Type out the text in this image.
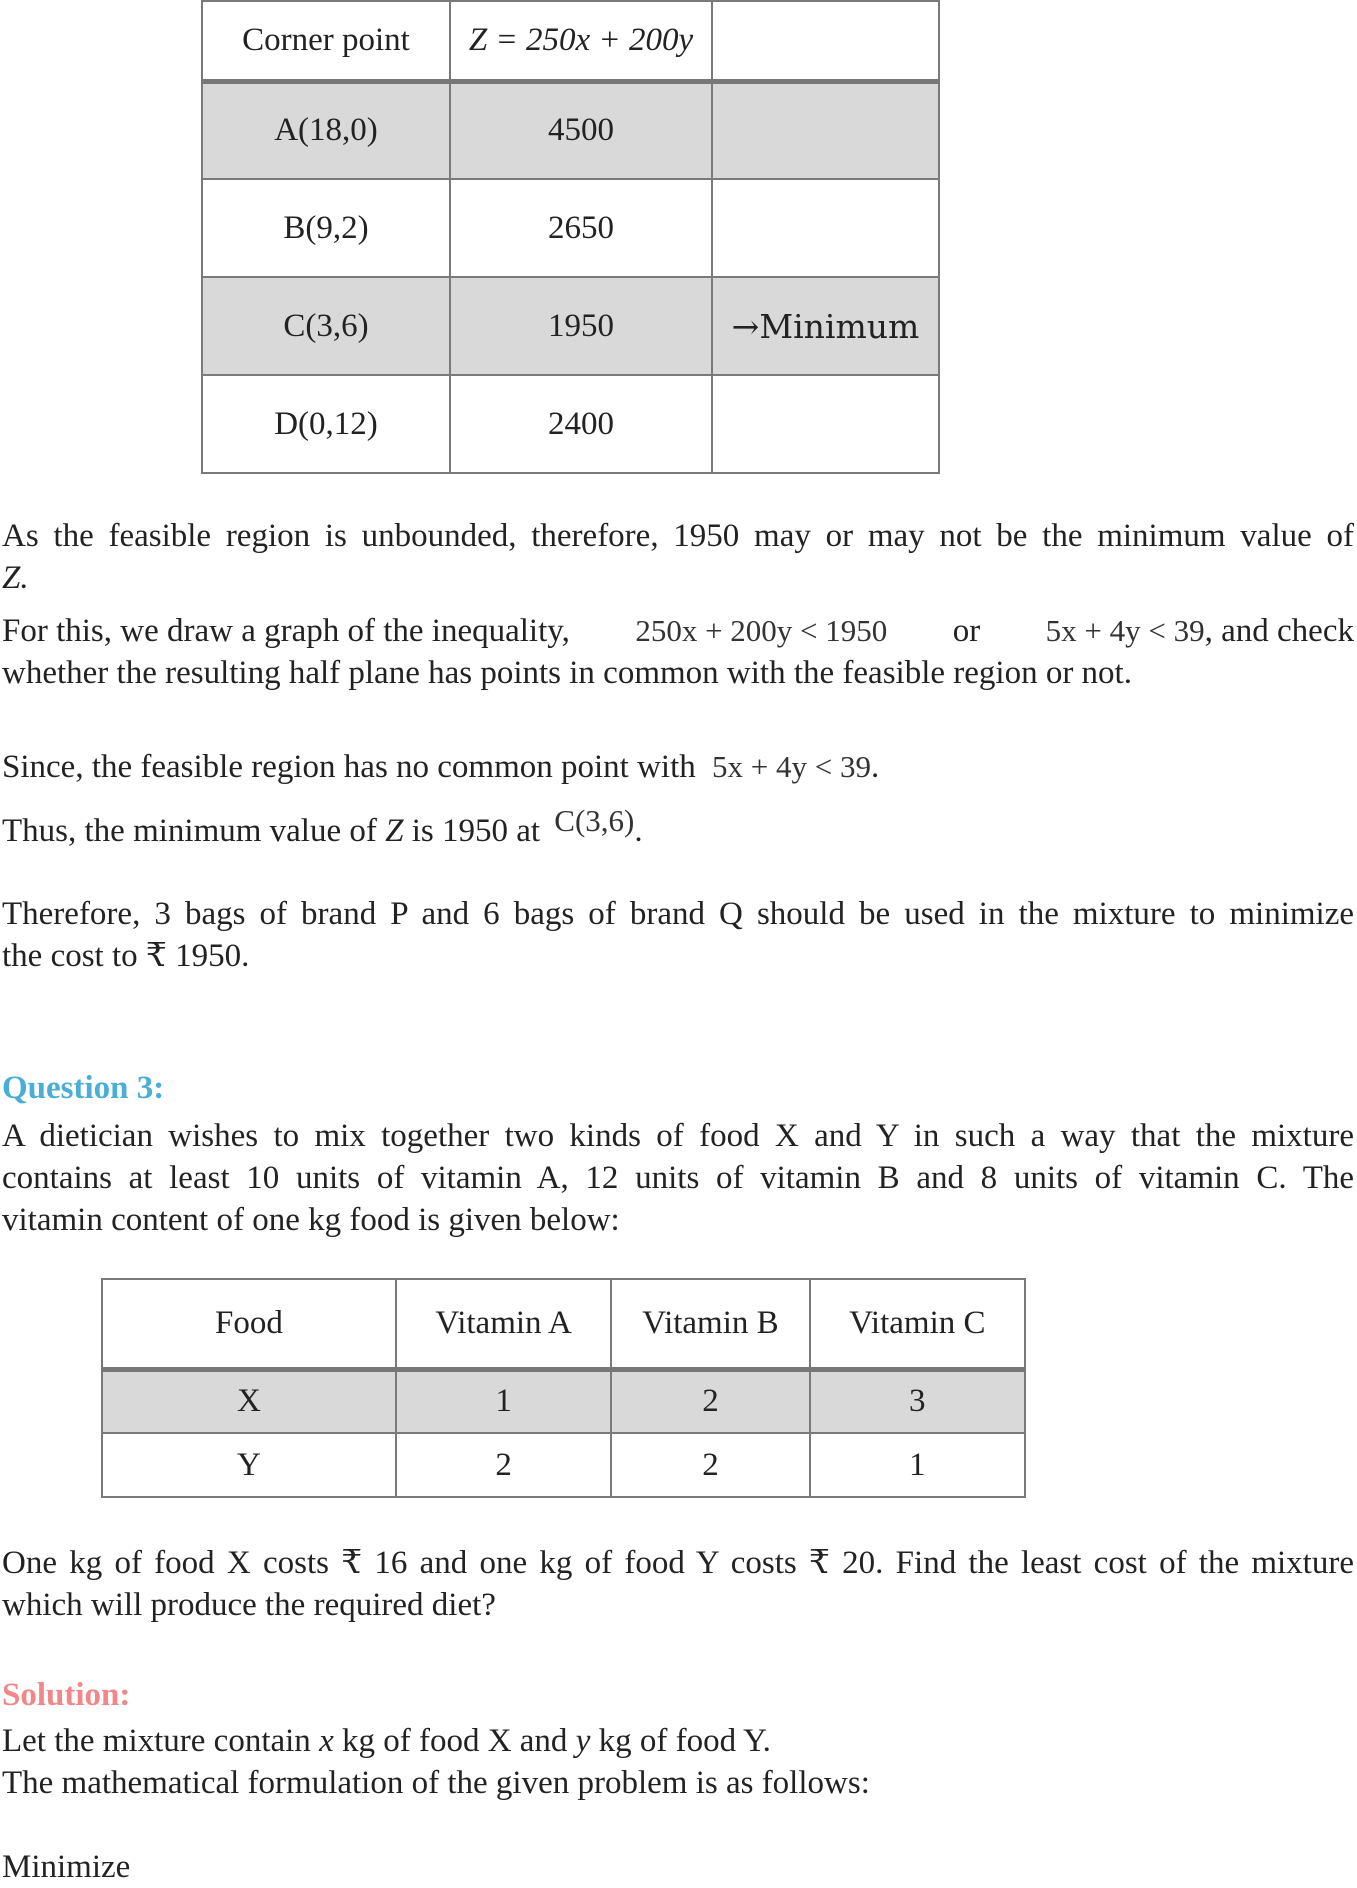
Corner point	Z = 250x + 200y	
A(18,0)	4500	
B(9,2)	2650	
C(3,6)	1950	→Minimum
D(0,12)	2400	
As the feasible region is unbounded, therefore, 1950 may or may not be the minimum value of
Z.
For this, we draw a graph of the inequality, 250x + 200y < 1950 or 5x + 4y < 39 , and check
whether the resulting half plane has points in common with the feasible region or not.
Since, the feasible region has no common point with 5x + 4y < 39.
Thus, the minimum value of Z is 1950 at C(3,6).
Therefore, 3 bags of brand P and 6 bags of brand Q should be used in the mixture to minimize
the cost to ₹ 1950.
Question 3:
A dietician wishes to mix together two kinds of food X and Y in such a way that the mixture
contains at least 10 units of vitamin A, 12 units of vitamin B and 8 units of vitamin C. The
vitamin content of one kg food is given below:
Food	Vitamin A	Vitamin B	Vitamin C
X	1	2	3
Y	2	2	1
One kg of food X costs ₹ 16 and one kg of food Y costs ₹ 20. Find the least cost of the mixture
which will produce the required diet?
Solution:
Let the mixture contain x kg of food X and y kg of food Y.
The mathematical formulation of the given problem is as follows:
Minimize
